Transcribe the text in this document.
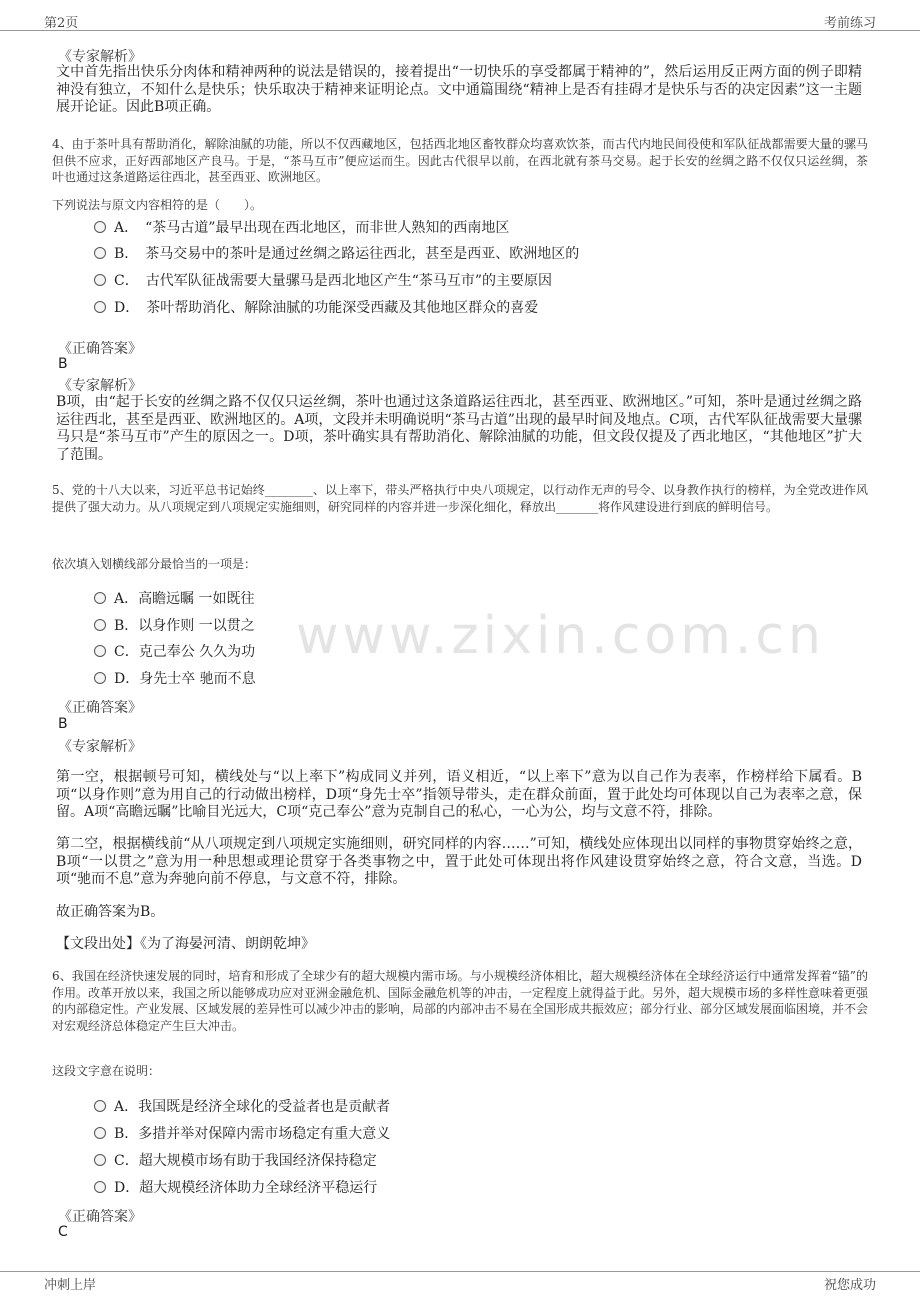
第2页	考前练习
www.zixin.com.cn
《专家解析》
文中首先指出快乐分肉体和精神两种的说法是错误的，接着提出“一切快乐的享受都属于精神的”，然后运用反正两方面的例子即精神没有独立，不知什么是快乐；快乐取决于精神来证明论点。文中通篇围绕“精神上是否有挂碍才是快乐与否的决定因素”这一主题展开论证。因此B项正确。
4、由于茶叶具有帮助消化，解除油腻的功能，所以不仅西藏地区，包括西北地区畜牧群众均喜欢饮茶，而古代内地民间役使和军队征战都需要大量的骡马但供不应求，正好西部地区产良马。于是，“茶马互市”便应运而生。因此古代很早以前，在西北就有茶马交易。起于长安的丝绸之路不仅仅只运丝绸，茶叶也通过这条道路运往西北，甚至西亚、欧洲地区。
下列说法与原文内容相符的是（　　）。
A．　“茶马古道”最早出现在西北地区，而非世人熟知的西南地区
B．　茶马交易中的茶叶是通过丝绸之路运往西北，甚至是西亚、欧洲地区的
C．　古代军队征战需要大量骡马是西北地区产生“茶马互市”的主要原因
D．　茶叶帮助消化、解除油腻的功能深受西藏及其他地区群众的喜爱
《正确答案》
B
《专家解析》
B项，由“起于长安的丝绸之路不仅仅只运丝绸，茶叶也通过这条道路运往西北，甚至西亚、欧洲地区。”可知，茶叶是通过丝绸之路运往西北，甚至是西亚、欧洲地区的。A项，文段并未明确说明“茶马古道”出现的最早时间及地点。C项，古代军队征战需要大量骡马只是“茶马互市”产生的原因之一。D项，茶叶确实具有帮助消化、解除油腻的功能，但文段仅提及了西北地区，“其他地区”扩大了范围。
5、党的十八大以来，习近平总书记始终________、以上率下，带头严格执行中央八项规定，以行动作无声的号令、以身教作执行的榜样，为全党改进作风提供了强大动力。从八项规定到八项规定实施细则，研究同样的内容并进一步深化细化，释放出_______将作风建设进行到底的鲜明信号。
依次填入划横线部分最恰当的一项是：
A．高瞻远瞩 一如既往
B．以身作则 一以贯之
C．克己奉公 久久为功
D．身先士卒 驰而不息
《正确答案》
B
《专家解析》
第一空，根据顿号可知，横线处与“以上率下”构成同义并列，语义相近，“以上率下”意为以自己作为表率，作榜样给下属看。B项“以身作则”意为用自己的行动做出榜样，D项“身先士卒”指领导带头，走在群众前面，置于此处均可体现以自己为表率之意，保留。A项“高瞻远瞩”比喻目光远大，C项“克己奉公”意为克制自己的私心，一心为公，均与文意不符，排除。
第二空，根据横线前“从八项规定到八项规定实施细则，研究同样的内容……”可知，横线处应体现出以同样的事物贯穿始终之意，B项“一以贯之”意为用一种思想或理论贯穿于各类事物之中，置于此处可体现出将作风建设贯穿始终之意，符合文意，当选。D项“驰而不息”意为奔驰向前不停息，与文意不符，排除。
故正确答案为B。
【文段出处】《为了海晏河清、朗朗乾坤》
6、我国在经济快速发展的同时，培育和形成了全球少有的超大规模内需市场。与小规模经济体相比，超大规模经济体在全球经济运行中通常发挥着“锚”的作用。改革开放以来，我国之所以能够成功应对亚洲金融危机、国际金融危机等的冲击，一定程度上就得益于此。另外，超大规模市场的多样性意味着更强的内部稳定性。产业发展、区域发展的差异性可以减少冲击的影响，局部的内部冲击不易在全国形成共振效应；部分行业、部分区域发展面临困境，并不会对宏观经济总体稳定产生巨大冲击。
这段文字意在说明：
A．我国既是经济全球化的受益者也是贡献者
B．多措并举对保障内需市场稳定有重大意义
C．超大规模市场有助于我国经济保持稳定
D．超大规模经济体助力全球经济平稳运行
《正确答案》
C
冲刺上岸	祝您成功
